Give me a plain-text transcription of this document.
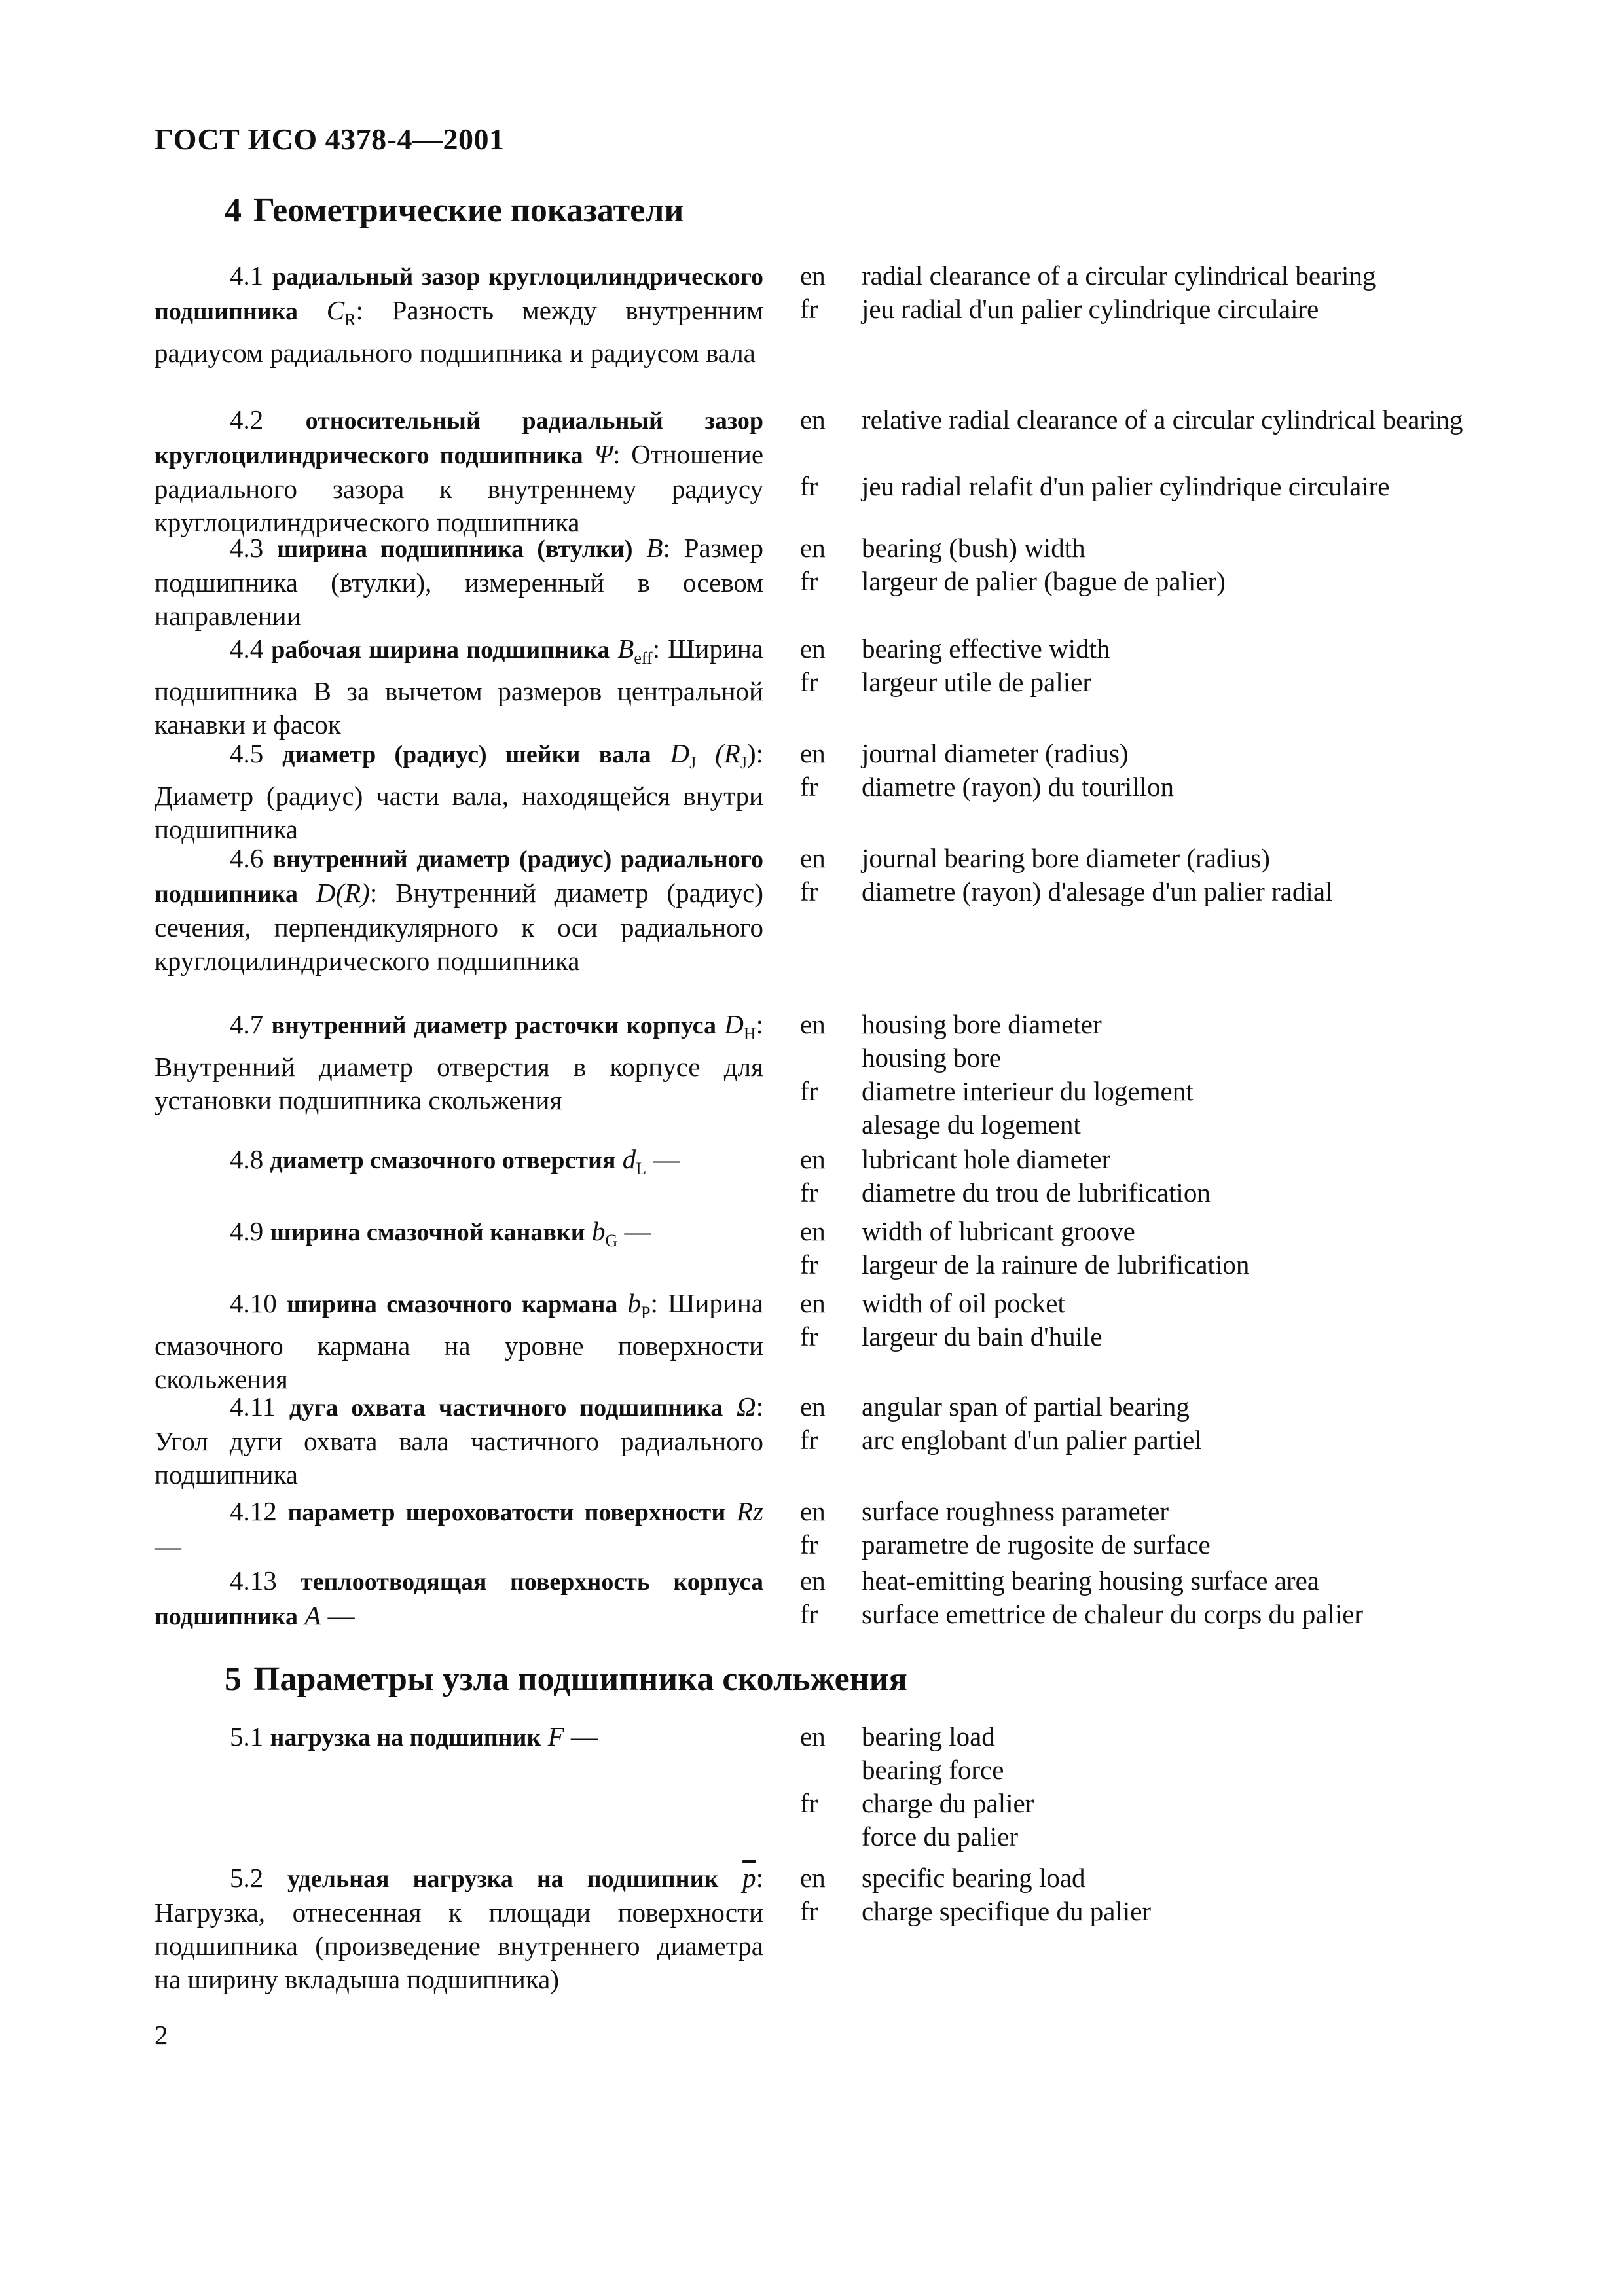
ГОСТ ИСО 4378-4—2001
4 Геометрические показатели
4.1 радиальный зазор круглоцилиндрического подшипника $C_R$: Разность между внутренним радиусом радиального подшипника и радиусом вала
en	radial clearance of a circular cylindrical bearing
fr	jeu radial d'un palier cylindrique circulaire
4.2 относительный радиальный зазор круглоцилиндрического подшипника Ψ: Отношение радиального зазора к внутреннему радиусу круглоцилиндрического подшипника
en	relative radial clearance of a circular cylindrical bearing
fr	jeu radial relafit d'un palier cylindrique circulaire
4.3 ширина подшипника (втулки) B: Размер подшипника (втулки), измеренный в осевом направлении
en	bearing (bush) width
fr	largeur de palier (bague de palier)
4.4 рабочая ширина подшипника $B_{eff}$: Ширина подшипника B за вычетом размеров центральной канавки и фасок
en	bearing effective width
fr	largeur utile de palier
4.5 диаметр (радиус) шейки вала $D_J$ $(R_J)$: Диаметр (радиус) части вала, находящейся внутри подшипника
en	journal diameter (radius)
fr	diametre (rayon) du tourillon
4.6 внутренний диаметр (радиус) радиального подшипника D(R): Внутренний диаметр (радиус) сечения, перпендикулярного к оси радиального круглоцилиндрического подшипника
en	journal bearing bore diameter (radius)
fr	diametre (rayon) d'alesage d'un palier radial
4.7 внутренний диаметр расточки корпуса $D_H$: Внутренний диаметр отверстия в корпусе для установки подшипника скольжения
en	housing bore diameter
housing bore
fr	diametre interieur du logement
alesage du logement
4.8 диаметр смазочного отверстия $d_L$ —	en	lubricant hole diameter
fr	diametre du trou de lubrification
4.9 ширина смазочной канавки $b_G$ —	en	width of lubricant groove
fr	largeur de la rainure de lubrification
4.10 ширина смазочного кармана $b_P$: Ширина смазочного кармана на уровне поверхности скольжения
en	width of oil pocket
fr	largeur du bain d'huile
4.11 дуга охвата частичного подшипника Ω: Угол дуги охвата вала частичного радиального подшипника
en	angular span of partial bearing
fr	arc englobant d'un palier partiel
4.12 параметр шероховатости поверхности Rz —
en	surface roughness parameter
fr	parametre de rugosite de surface
4.13 теплоотводящая поверхность корпуса подшипника A —
en	heat-emitting bearing housing surface area
fr	surface emettrice de chaleur du corps du palier
5.1 нагрузка на подшипник F —	en	bearing load
bearing force
fr	charge du palier
force du palier
5.2 удельная нагрузка на подшипник $\overline{p}$: Нагрузка, отнесенная к площади поверхности подшипника (произведение внутреннего диаметра на ширину вкладыша подшипника)
en	specific bearing load
fr	charge specifique du palier
5 Параметры узла подшипника скольжения
2
